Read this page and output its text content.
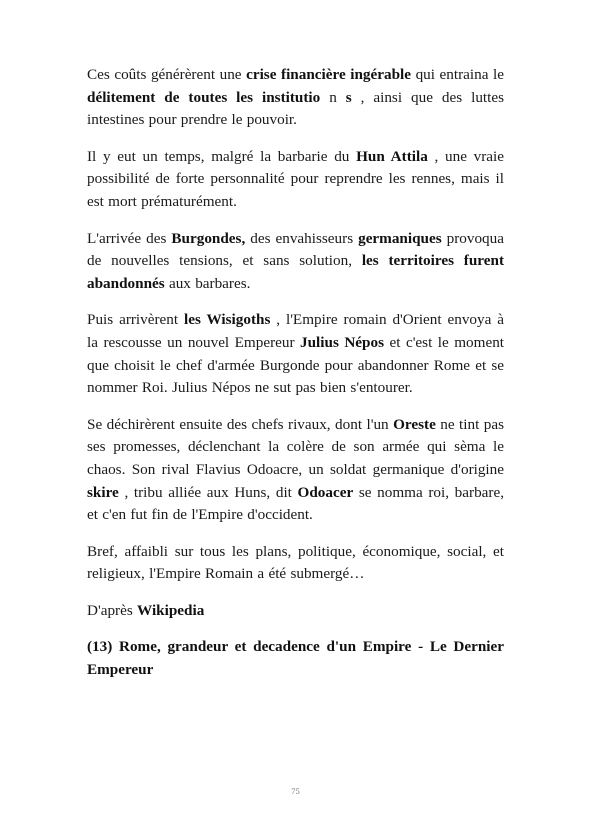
Ces coûts générèrent une crise financière ingérable qui entraina le délitement de toutes les institutio n s , ainsi que des luttes intestines pour prendre le pouvoir.

Il y eut un temps, malgré la barbarie du Hun Attila , une vraie possibilité de forte personnalité pour reprendre les rennes, mais il est mort prématurément.

L'arrivée des Burgondes, des envahisseurs germaniques provoqua de nouvelles tensions, et sans solution, les territoires furent abandonnés aux barbares.

Puis arrivèrent les Wisigoths , l'Empire romain d'Orient envoya à la rescousse un nouvel Empereur Julius Népos et c'est le moment que choisit le chef d'armée Burgonde pour abandonner Rome et se nommer Roi. Julius Népos ne sut pas bien s'entourer.

Se déchirèrent ensuite des chefs rivaux, dont l'un Oreste ne tint pas ses promesses, déclenchant la colère de son armée qui sèma le chaos. Son rival Flavius Odoacre, un soldat germanique d'origine skire , tribu alliée aux Huns, dit Odoacer se nomma roi, barbare, et c'en fut fin de l'Empire d'occident.

Bref, affaibli sur tous les plans, politique, économique, social, et religieux, l'Empire Romain a été submergé…

D'après Wikipedia

(13) Rome, grandeur et decadence d'un Empire - Le Dernier Empereur

75
